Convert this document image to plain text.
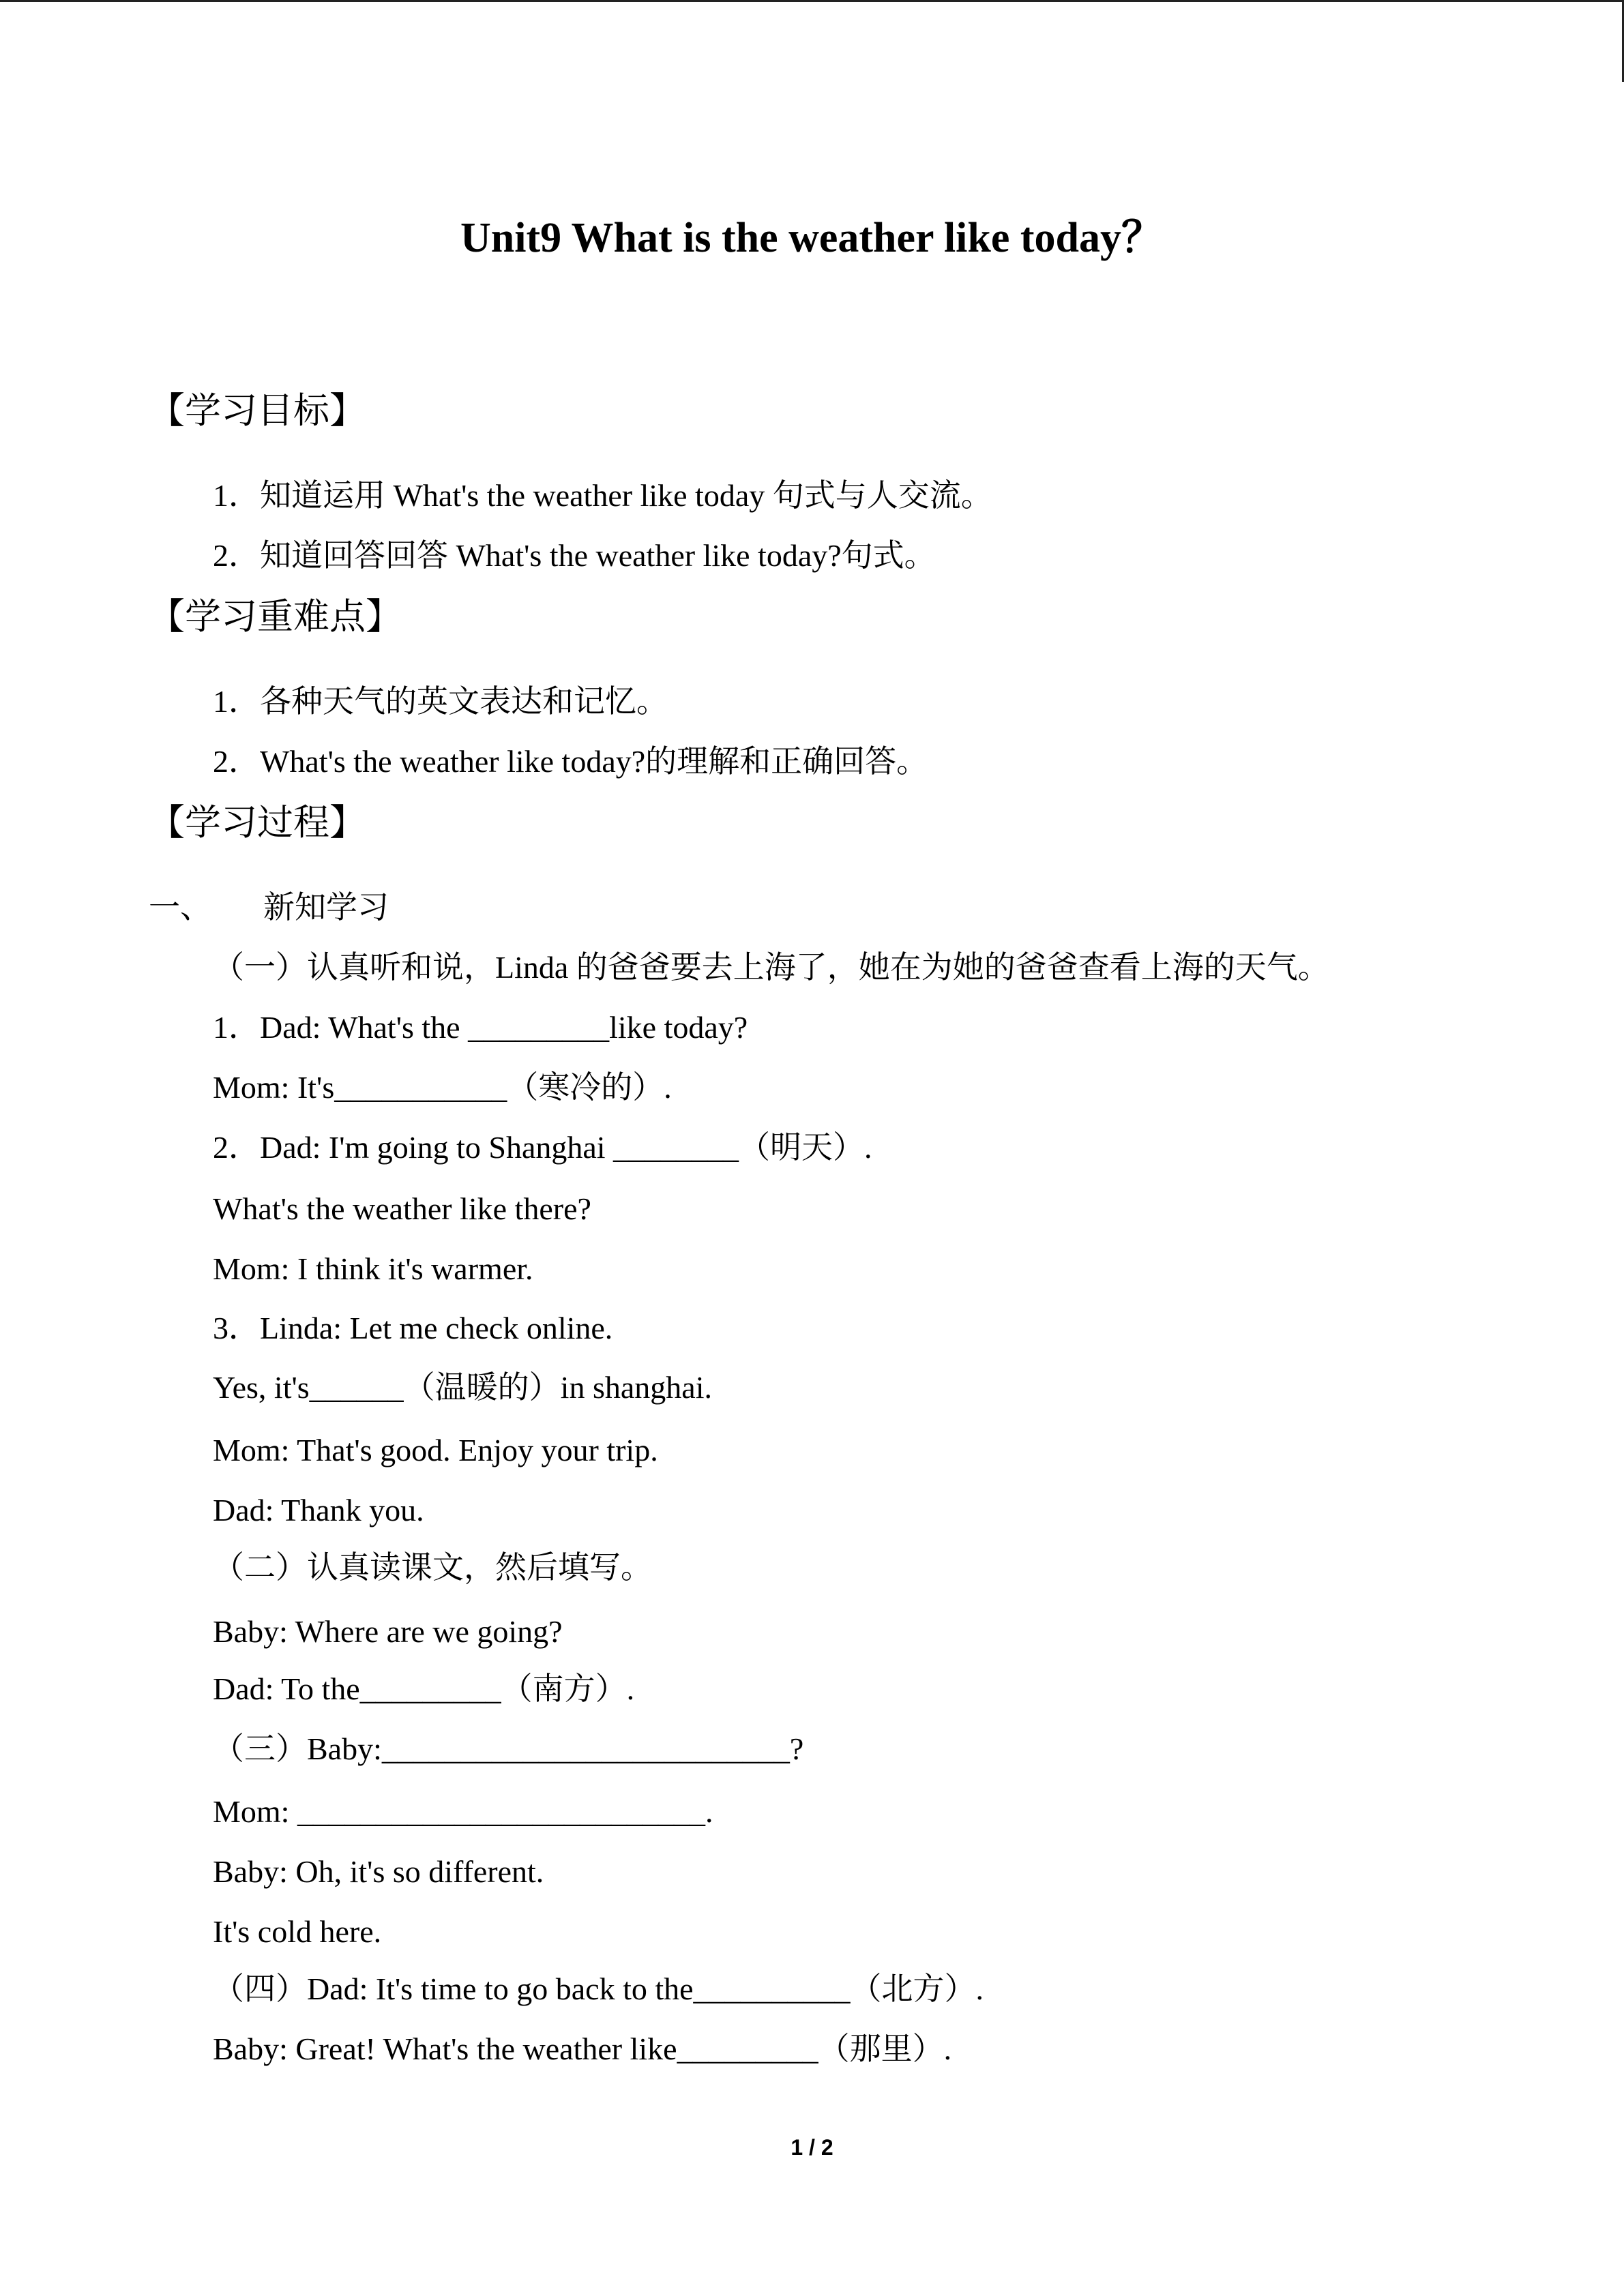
Unit9 What is the weather like today？
【学习目标】
1．知道运用 What's the weather like today 句式与人交流。
2．知道回答回答 What's the weather like today?句式。
【学习重难点】
1．各种天气的英文表达和记忆。
2．What's the weather like today?的理解和正确回答。
【学习过程】
一、 新知学习
（一）认真听和说，Linda 的爸爸要去上海了，她在为她的爸爸查看上海的天气。
1．Dad: What's the _________like today?
Mom: It's___________（寒冷的）.
2．Dad: I'm going to Shanghai ________（明天）.
What's the weather like there?
Mom: I think it's warmer.
3．Linda: Let me check online.
Yes, it's______（温暖的）in shanghai.
Mom: That's good. Enjoy your trip.
Dad: Thank you.
（二）认真读课文，然后填写。
Baby: Where are we going?
Dad: To the_________（南方）.
（三）Baby:__________________________?
Mom: __________________________.
Baby: Oh, it's so different.
It's cold here.
（四）Dad: It's time to go back to the__________（北方）.
Baby: Great! What's the weather like_________（那里）.
1 / 2
